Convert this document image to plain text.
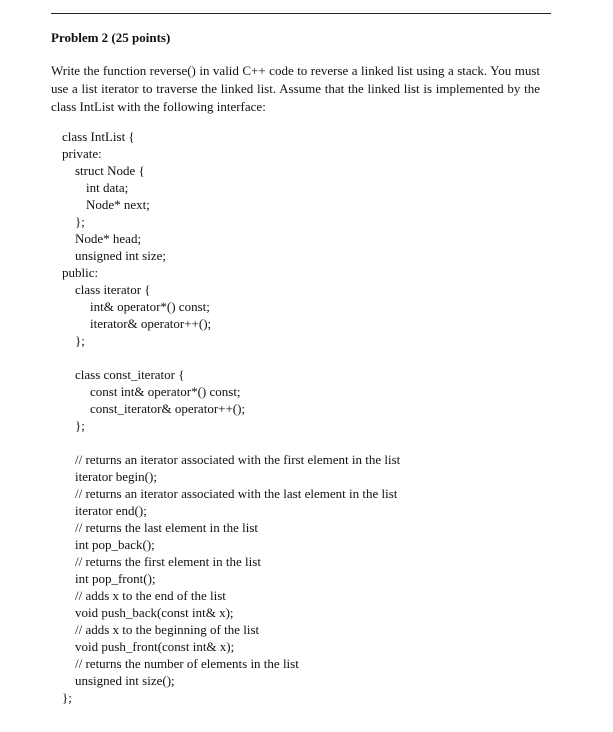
Problem 2 (25 points)
Write the function reverse() in valid C++ code to reverse a linked list using a stack. You must use a list iterator to traverse the linked list. Assume that the linked list is implemented by the class IntList with the following interface:
class IntList {
private:
struct Node {
int data;
Node* next;
};
Node* head;
unsigned int size;
public:
class iterator {
int& operator*() const;
iterator& operator++();
};
class const_iterator {
const int& operator*() const;
const_iterator& operator++();
};
// returns an iterator associated with the first element in the list
iterator begin();
// returns an iterator associated with the last element in the list
iterator end();
// returns the last element in the list
int pop_back();
// returns the first element in the list
int pop_front();
// adds x to the end of the list
void push_back(const int& x);
// adds x to the beginning of the list
void push_front(const int& x);
// returns the number of elements in the list
unsigned int size();
};
